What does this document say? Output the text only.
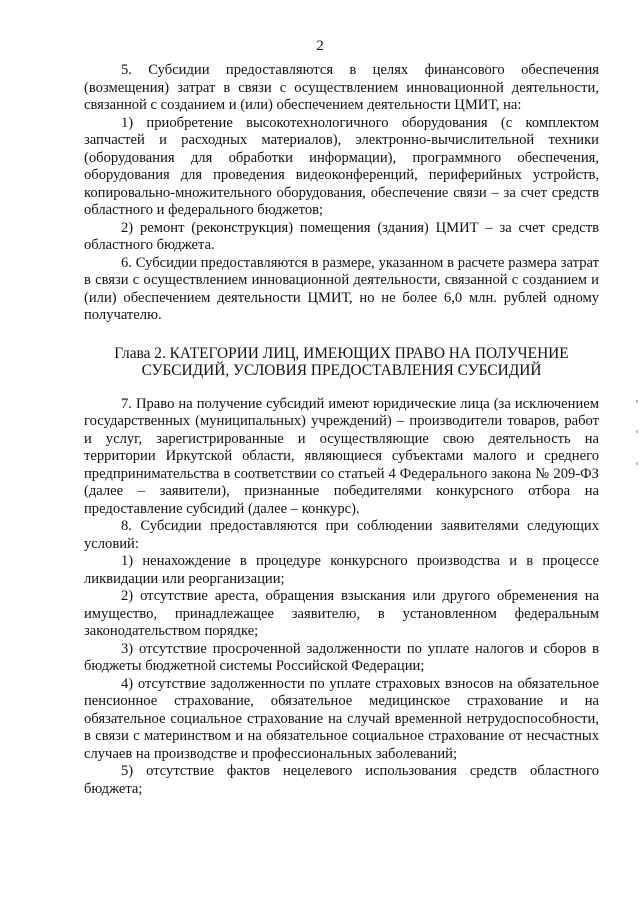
2

5. Субсидии предоставляются в целях финансового обеспечения (возмещения) затрат в связи с осуществлением инновационной деятельности, связанной с созданием и (или) обеспечением деятельности ЦМИТ, на:

1) приобретение высокотехнологичного оборудования (с комплектом запчастей и расходных материалов), электронно-вычислительной техники (оборудования для обработки информации), программного обеспечения, оборудования для проведения видеоконференций, периферийных устройств, копировально-множительного оборудования, обеспечение связи – за счет средств областного и федерального бюджетов;

2) ремонт (реконструкция) помещения (здания) ЦМИТ – за счет средств областного бюджета.

6. Субсидии предоставляются в размере, указанном в расчете размера затрат в связи с осуществлением инновационной деятельности, связанной с созданием и (или) обеспечением деятельности ЦМИТ, но не более 6,0 млн. рублей одному получателю.

Глава 2. КАТЕГОРИИ ЛИЦ, ИМЕЮЩИХ ПРАВО НА ПОЛУЧЕНИЕ
СУБСИДИЙ, УСЛОВИЯ ПРЕДОСТАВЛЕНИЯ СУБСИДИЙ

7. Право на получение субсидий имеют юридические лица (за исключением государственных (муниципальных) учреждений) – производители товаров, работ и услуг, зарегистрированные и осуществляющие свою деятельность на территории Иркутской области, являющиеся субъектами малого и среднего предпринимательства в соответствии со статьей 4 Федерального закона № 209-ФЗ (далее – заявители), признанные победителями конкурсного отбора на предоставление субсидий (далее – конкурс).

8. Субсидии предоставляются при соблюдении заявителями следующих условий:

1) ненахождение в процедуре конкурсного производства и в процессе ликвидации или реорганизации;

2) отсутствие ареста, обращения взыскания или другого обременения на имущество, принадлежащее заявителю, в установленном федеральным законодательством порядке;

3) отсутствие просроченной задолженности по уплате налогов и сборов в бюджеты бюджетной системы Российской Федерации;

4) отсутствие задолженности по уплате страховых взносов на обязательное пенсионное страхование, обязательное медицинское страхование и на обязательное социальное страхование на случай временной нетрудоспособности, в связи с материнством и на обязательное социальное страхование от несчастных случаев на производстве и профессиональных заболеваний;

5) отсутствие фактов нецелевого использования средств областного бюджета;
